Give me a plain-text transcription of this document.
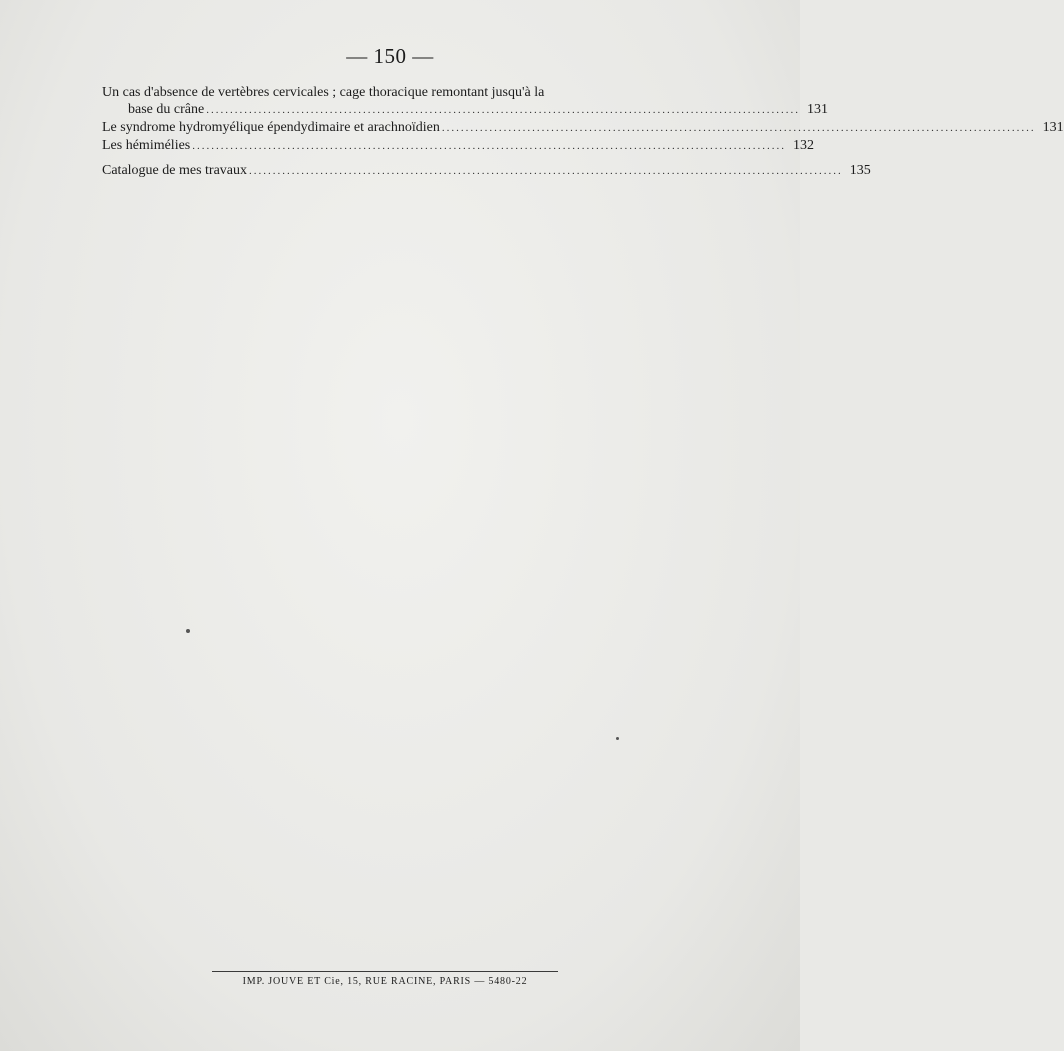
— 150 —
Un cas d'absence de vertèbres cervicales ; cage thoracique remontant jusqu'à la
base du crâne ............................................................................................................................. 131
Le syndrome hydromyélique épendydimaire et arachnoïdien ............................................................................................................................. 131
Les hémimélies ............................................................................................................................. 132
Catalogue de mes travaux ............................................................................................................................. 135
IMP. JOUVE ET Cie, 15, RUE RACINE, PARIS — 5480-22
